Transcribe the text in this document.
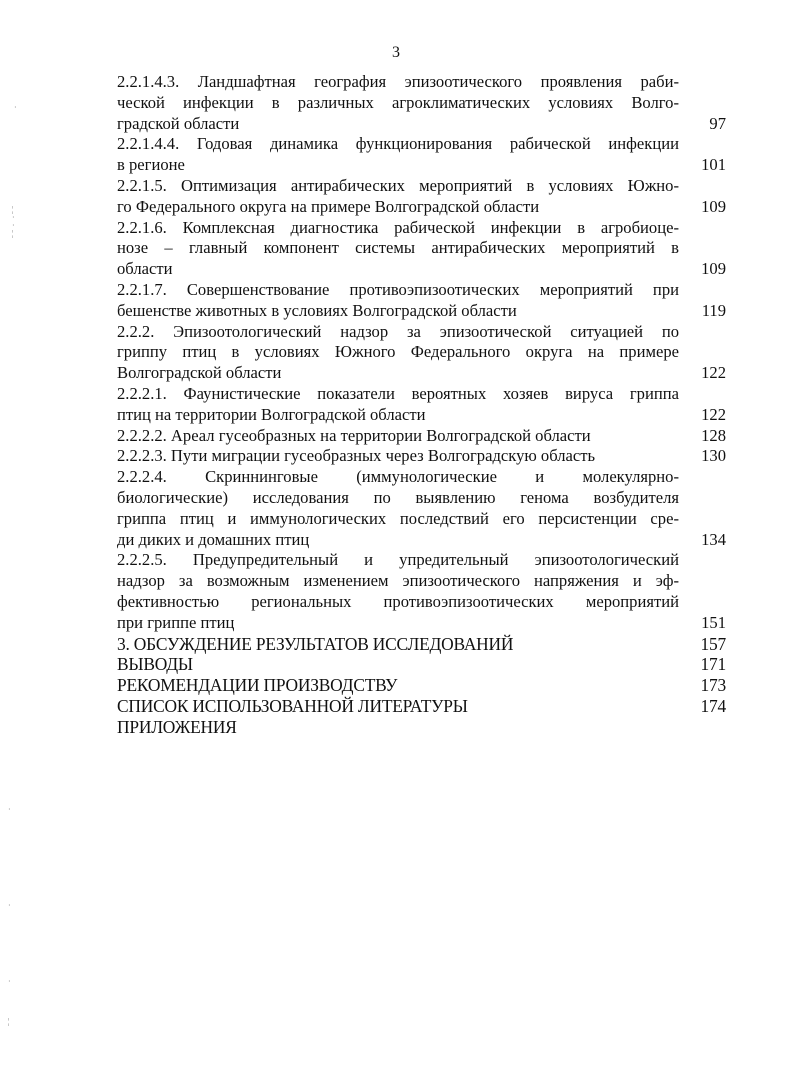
3
2.2.1.4.3. Ландшафтная география эпизоотического проявления раби-
ческой инфекции в различных агроклиматических условиях Волго-
градской области	97
2.2.1.4.4. Годовая динамика функционирования рабической инфекции
в регионе	101
2.2.1.5. Оптимизация антирабических мероприятий в условиях Южно-
го Федерального округа на примере Волгоградской области	109
2.2.1.6. Комплексная диагностика рабической инфекции в агробиоце-
нозе – главный компонент системы антирабических мероприятий в
области	109
2.2.1.7. Совершенствование противоэпизоотических мероприятий при
бешенстве животных в условиях Волгоградской области	119
2.2.2. Эпизоотологический надзор за эпизоотической ситуацией по
гриппу птиц в условиях Южного Федерального округа на примере
Волгоградской области	122
2.2.2.1. Фаунистические показатели вероятных хозяев вируса гриппа
птиц на территории Волгоградской области	122
2.2.2.2. Ареал гусеобразных на территории Волгоградской области	128
2.2.2.3. Пути миграции гусеобразных через Волгоградскую область	130
2.2.2.4. Скриннинговые (иммунологические и молекулярно-
биологические) исследования по выявлению генома возбудителя
гриппа птиц и иммунологических последствий его персистенции сре-
ди диких и домашних птиц	134
2.2.2.5. Предупредительный и упредительный эпизоотологический
надзор за возможным изменением эпизоотического напряжения и эф-
фективностью региональных противоэпизоотических мероприятий
при гриппе птиц	151
3. ОБСУЖДЕНИЕ РЕЗУЛЬТАТОВ ИССЛЕДОВАНИЙ	157
ВЫВОДЫ	171
РЕКОМЕНДАЦИИ ПРОИЗВОДСТВУ	173
СПИСОК ИСПОЛЬЗОВАННОЙ ЛИТЕРАТУРЫ	174
ПРИЛОЖЕНИЯ
·
¦
·
·
¦
·
·
·
¦
